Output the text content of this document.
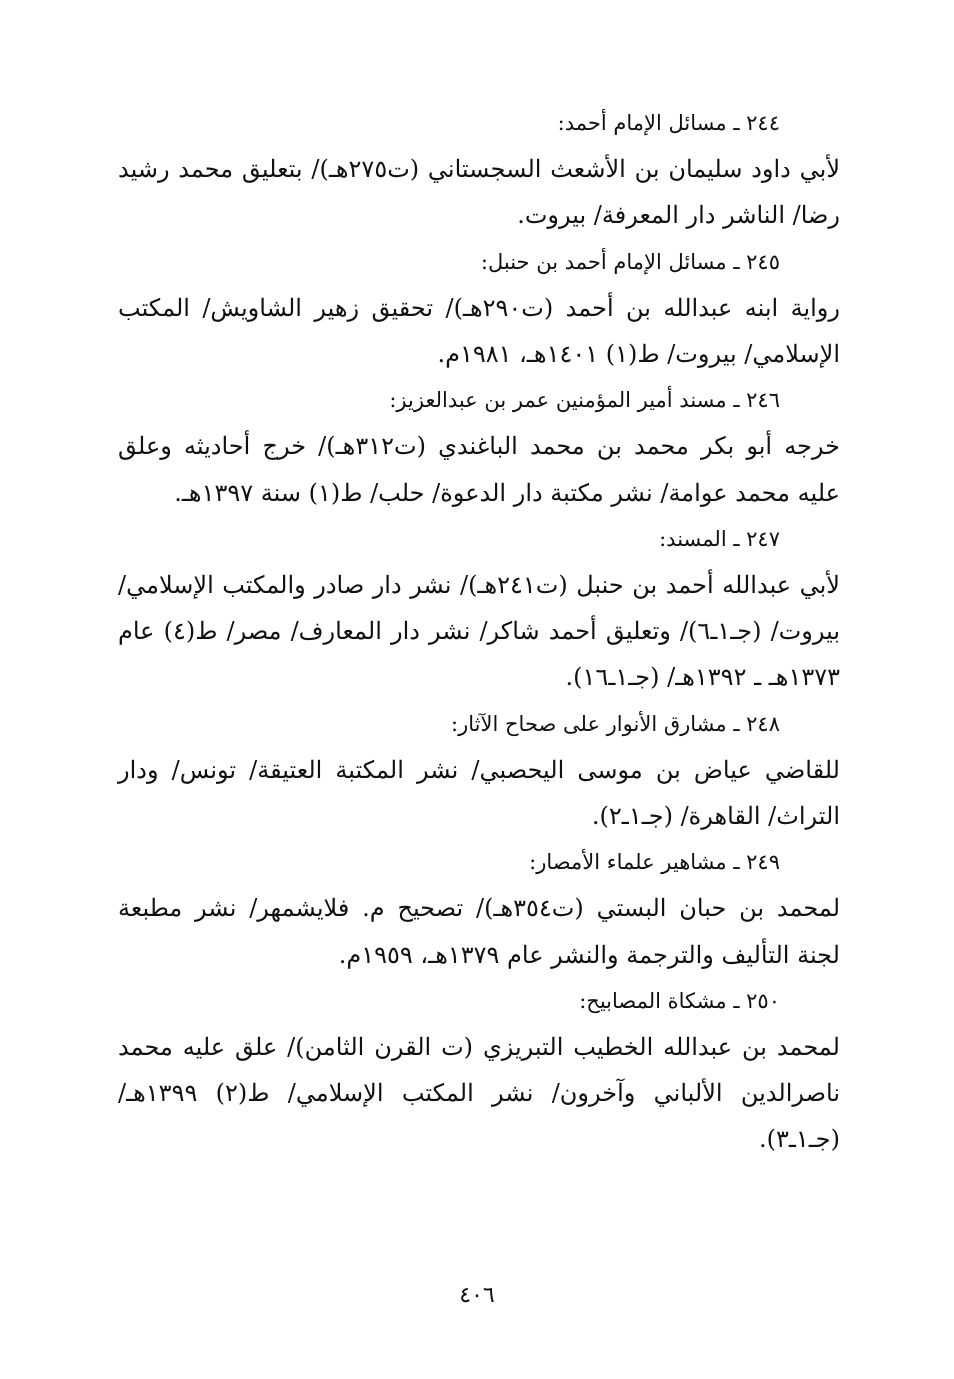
٢٤٤ ـ مسائل الإمام أحمد:
لأبي داود سليمان بن الأشعث السجستاني (ت٢٧٥هـ)/ بتعليق محمد رشيد رضا/ الناشر دار المعرفة/ بيروت.
٢٤٥ ـ مسائل الإمام أحمد بن حنبل:
رواية ابنه عبدالله بن أحمد (ت٢٩٠هـ)/ تحقيق زهير الشاويش/ المكتب الإسلامي/ بيروت/ ط(١) ١٤٠١هـ، ١٩٨١م.
٢٤٦ ـ مسند أمير المؤمنين عمر بن عبدالعزيز:
خرجه أبو بكر محمد بن محمد الباغندي (ت٣١٢هـ)/ خرج أحاديثه وعلق عليه محمد عوامة/ نشر مكتبة دار الدعوة/ حلب/ ط(١) سنة ١٣٩٧هـ.
٢٤٧ ـ المسند:
لأبي عبدالله أحمد بن حنبل (ت٢٤١هـ)/ نشر دار صادر والمكتب الإسلامي/ بيروت/ (جـ١ـ٦)/ وتعليق أحمد شاكر/ نشر دار المعارف/ مصر/ ط(٤) عام ١٣٧٣هـ ـ ١٣٩٢هـ/ (جـ١ـ١٦).
٢٤٨ ـ مشارق الأنوار على صحاح الآثار:
للقاضي عياض بن موسى اليحصبي/ نشر المكتبة العتيقة/ تونس/ ودار التراث/ القاهرة/ (جـ١ـ٢).
٢٤٩ ـ مشاهير علماء الأمصار:
لمحمد بن حبان البستي (ت٣٥٤هـ)/ تصحيح م. فلايشمهر/ نشر مطبعة لجنة التأليف والترجمة والنشر عام ١٣٧٩هـ، ١٩٥٩م.
٢٥٠ ـ مشكاة المصابيح:
لمحمد بن عبدالله الخطيب التبريزي (ت القرن الثامن)/ علق عليه محمد ناصرالدين الألباني وآخرون/ نشر المكتب الإسلامي/ ط(٢) ١٣٩٩هـ/ (جـ١ـ٣).
٤٠٦
